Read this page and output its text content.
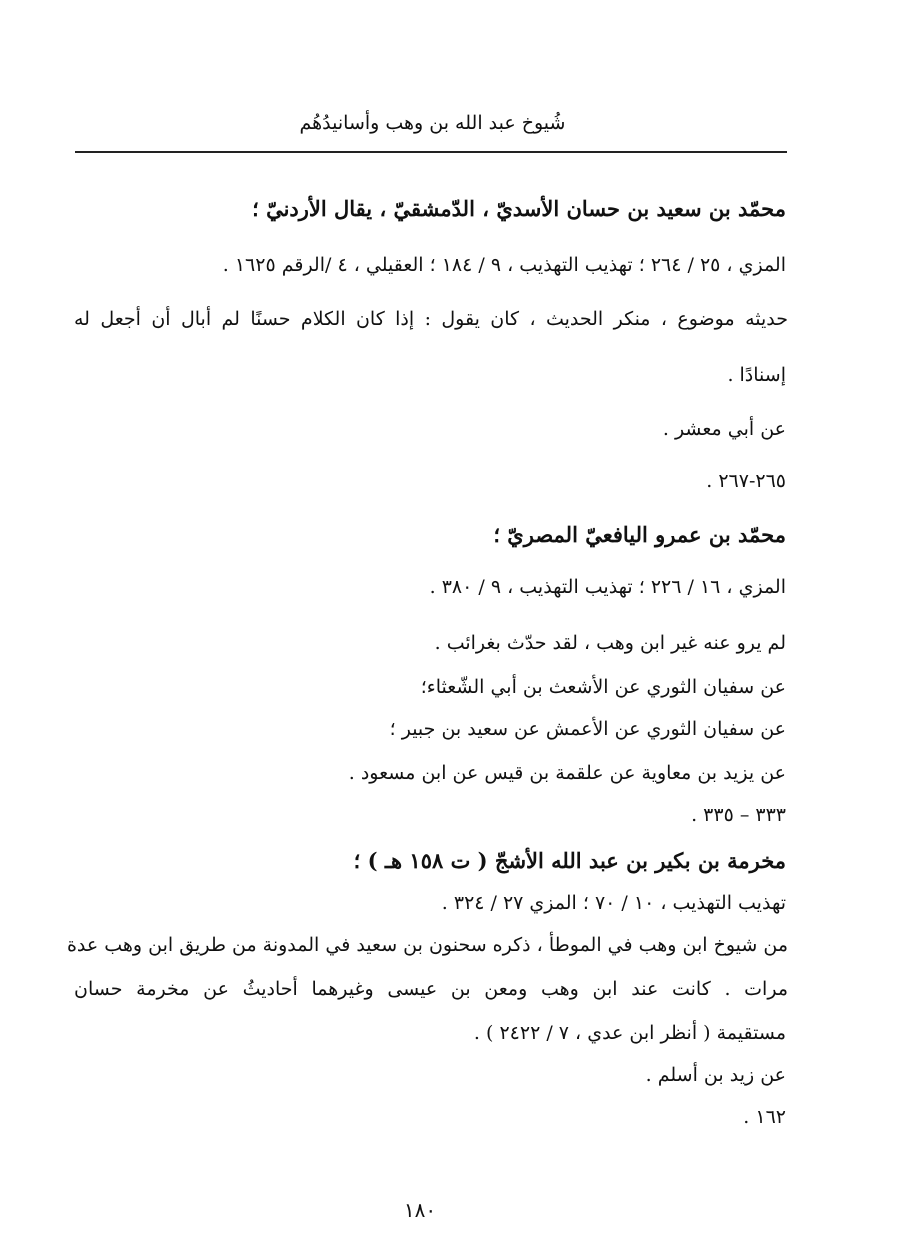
شُيوخ عبد الله بن وهب وأسانيدُهُم
محمّد بن سعيد بن حسان الأسديّ ، الدّمشقيّ ، يقال الأردنيّ ؛
المزي ، ٢٥ / ٢٦٤ ؛ تهذيب التهذيب ، ٩ / ١٨٤ ؛ العقيلي ، ٤ /الرقم ١٦٢٥ .
حديثه موضوع ، منكر الحديث ، كان يقول : إذا كان الكلام حسنًا لم أبال أن أجعل له
إسنادًا .
عن أبي معشر .
٢٦٥-٢٦٧ .
محمّد بن عمرو اليافعيّ المصريّ ؛
المزي ، ١٦ / ٢٢٦ ؛ تهذيب التهذيب ، ٩ / ٣٨٠ .
لم يرو عنه غير ابن وهب ، لقد حدّث بغرائب .
عن سفيان الثوري عن الأشعث بن أبي الشّعثاء؛
عن سفيان الثوري عن الأعمش عن سعيد بن جبير ؛
عن يزيد بن معاوية عن علقمة بن قيس عن ابن مسعود .
٣٣٣ – ٣٣٥ .
مخرمة بن بكير بن عبد الله الأشجّ ( ت ١٥٨ هـ ) ؛
تهذيب التهذيب ، ١٠ / ٧٠ ؛ المزي ٢٧ / ٣٢٤ .
من شيوخ ابن وهب في الموطأ ، ذكره سحنون بن سعيد في المدونة من طريق ابن وهب عدة
مرات . كانت عند ابن وهب ومعن بن عيسى وغيرهما أحاديثُ عن مخرمة حسان
مستقيمة ( أنظر ابن عدي ، ٧ / ٢٤٢٢ ) .
عن زيد بن أسلم .
١٦٢ .
١٨٠
